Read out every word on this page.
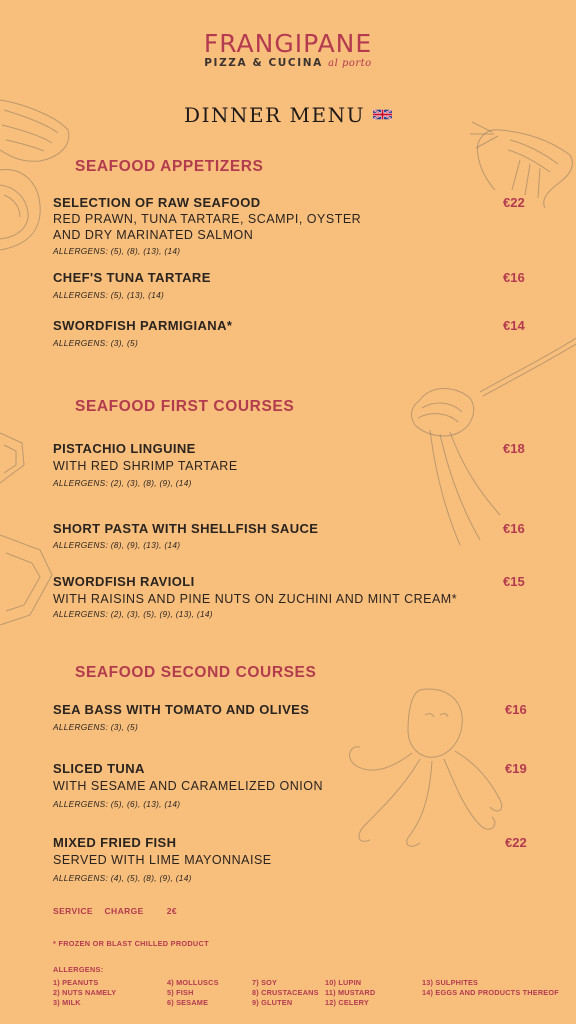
FRANGIPANE
PIZZA & CUCINA al porto
DINNER MENU
SEAFOOD APPETIZERS
SELECTION OF RAW SEAFOOD	€22
RED PRAWN, TUNA TARTARE, SCAMPI, OYSTER AND DRY MARINATED SALMON
ALLERGENS: (5), (8), (13), (14)
CHEF'S TUNA TARTARE	€16
ALLERGENS: (5), (13), (14)
SWORDFISH PARMIGIANA*	€14
ALLERGENS: (3), (5)
SEAFOOD FIRST COURSES
PISTACHIO LINGUINE	€18
WITH RED SHRIMP TARTARE
ALLERGENS: (2), (3), (8), (9), (14)
SHORT PASTA WITH SHELLFISH SAUCE	€16
ALLERGENS: (8), (9), (13), (14)
SWORDFISH RAVIOLI	€15
WITH RAISINS AND PINE NUTS ON ZUCHINI AND MINT CREAM*
ALLERGENS: (2), (3), (5), (9), (13), (14)
SEAFOOD SECOND COURSES
SEA BASS WITH TOMATO AND OLIVES	€16
ALLERGENS: (3), (5)
SLICED TUNA	€19
WITH SESAME AND CARAMELIZED ONION
ALLERGENS: (5), (6), (13), (14)
MIXED FRIED FISH	€22
SERVED WITH LIME MAYONNAISE
ALLERGENS: (4), (5), (8), (9), (14)
SERVICE  CHARGE    2€
* FROZEN OR BLAST CHILLED PRODUCT
ALLERGENS:
1) PEANUTS
2) NUTS NAMELY
3) MILK
4) MOLLUSCS
5) FISH
6) SESAME
7) SOY
8) CRUSTACEANS
9) GLUTEN
10) LUPIN
11) MUSTARD
12) CELERY
13) SULPHITES
14) EGGS AND PRODUCTS THEREOF
